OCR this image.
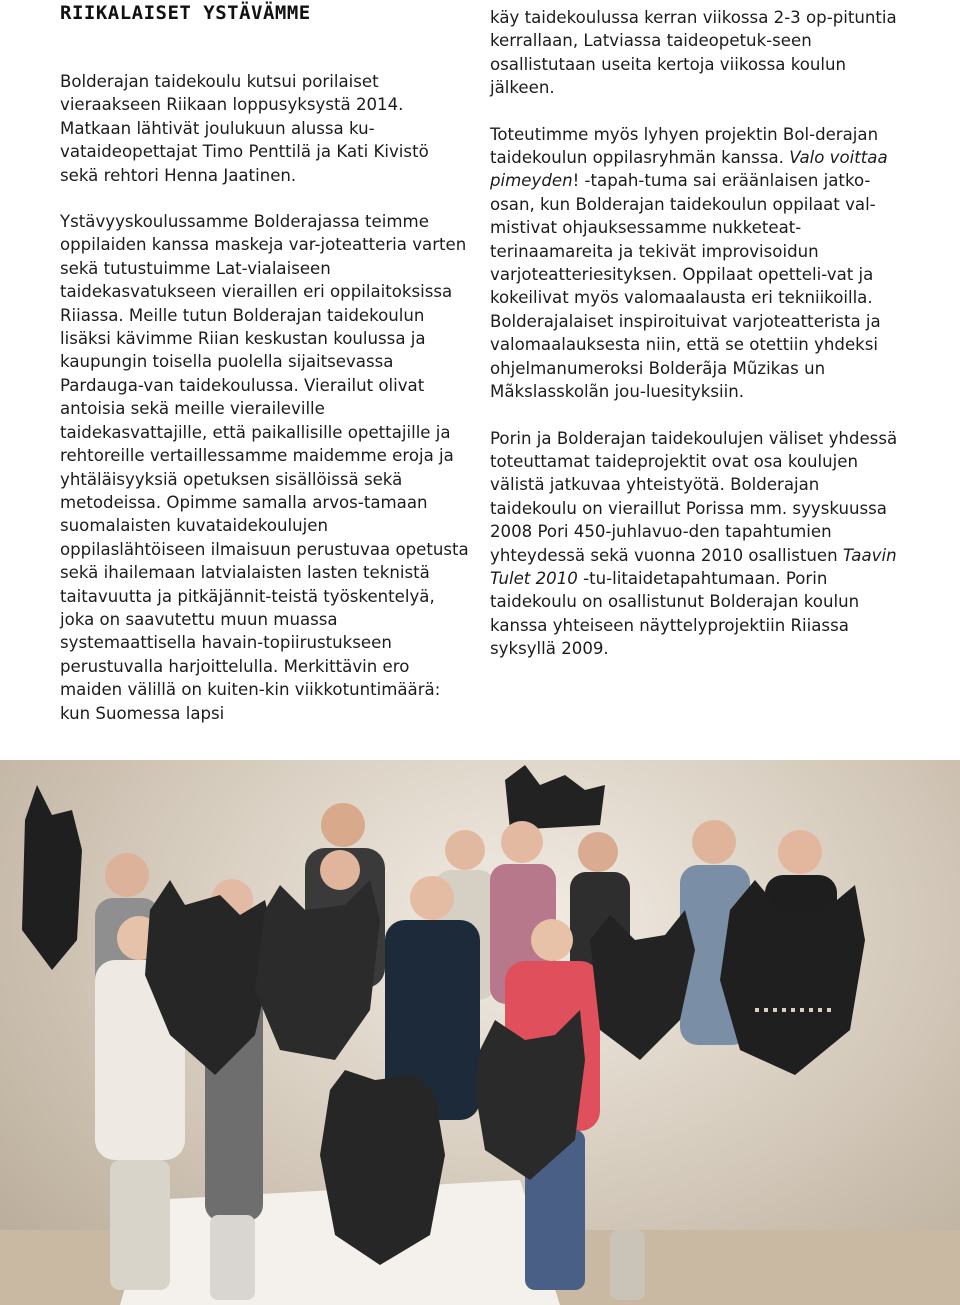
RIIKALAISET YSTÄVÄMME

Bolderajan taidekoulu kutsui porilaiset vieraakseen Riikaan loppusyksystä 2014. Matkaan lähtivät joulukuun alussa ku-vataideopettajat Timo Penttilä ja Kati Kivistö sekä rehtori Henna Jaatinen.

Ystävyyskoulussamme Bolderajassa teimme oppilaiden kanssa maskeja var-joteatteria varten sekä tutustuimme Lat-vialaiseen taidekasvatukseen vieraillen eri oppilaitoksissa Riiassa. Meille tutun Bolderajan taidekoulun lisäksi kävimme Riian keskustan koulussa ja kaupungin toisella puolella sijaitsevassa Pardauga-van taidekoulussa. Vierailut olivat antoisia sekä meille vieraileville taidekasvattajille, että paikallisille opettajille ja rehtoreille vertaillessamme maidemme eroja ja yhtäläisyyksiä opetuksen sisällöissä sekä metodeissa. Opimme samalla arvos-tamaan suomalaisten kuvataidekoulujen oppilaslähtöiseen ilmaisuun perustuvaa opetusta sekä ihailemaan latvialaisten lasten teknistä taitavuutta ja pitkäjännit-teistä työskentelyä, joka on saavutettu muun muassa systemaattisella havain-topiirustukseen perustuvalla harjoittelulla. Merkittävin ero maiden välillä on kuiten-kin viikkotuntimäärä: kun Suomessa lapsi

käy taidekoulussa kerran viikossa 2-3 op-pituntia kerrallaan, Latviassa taideopetuk-seen osallistutaan useita kertoja viikossa koulun jälkeen.

Toteutimme myös lyhyen projektin Bol-derajan taidekoulun oppilasryhmän kanssa. Valo voittaa pimeyden! -tapah-tuma sai eräänlaisen jatko-osan, kun Bolderajan taidekoulun oppilaat val-mistivat ohjauksessamme nukketeat-terinaamareita ja tekivät improvisoidun varjoteatteriesityksen. Oppilaat opetteli-vat ja kokeilivat myös valomaalausta eri tekniikoilla. Bolderajalaiset inspiroituivat varjoteatterista ja valomaalauksesta niin, että se otettiin yhdeksi ohjelmanumeroksi Bolderãja Mũzikas un Mãkslasskolãn jou-luesityksiin.

Porin ja Bolderajan taidekoulujen väliset yhdessä toteuttamat taideprojektit ovat osa koulujen välistä jatkuvaa yhteistyötä. Bolderajan taidekoulu on vieraillut Porissa mm. syyskuussa 2008 Pori 450-juhlavuo-den tapahtumien yhteydessä sekä vuonna 2010 osallistuen Taavin Tulet 2010 -tu-litaidetapahtumaan. Porin taidekoulu on osallistunut Bolderajan koulun kanssa yhteiseen näyttelyprojektiin Riiassa syksyllä 2009.
